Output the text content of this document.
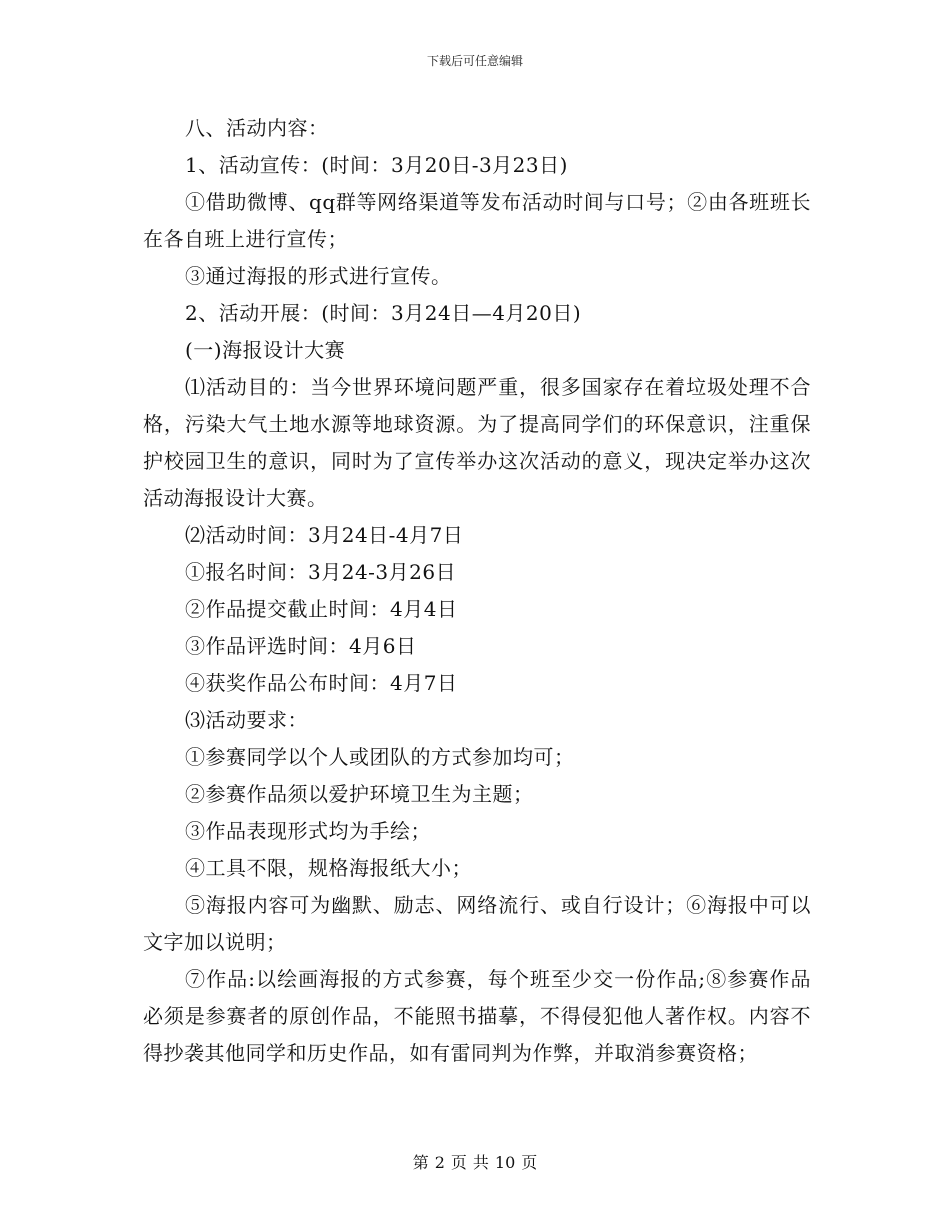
下载后可任意编辑

八、活动内容：

1、活动宣传：(时间：3月20日-3月23日)

①借助微博、qq群等网络渠道等发布活动时间与口号；②由各班班长在各自班上进行宣传；

③通过海报的形式进行宣传。

2、活动开展：(时间：3月24日—4月20日)

(一)海报设计大赛

⑴活动目的：当今世界环境问题严重，很多国家存在着垃圾处理不合格，污染大气土地水源等地球资源。为了提高同学们的环保意识，注重保护校园卫生的意识，同时为了宣传举办这次活动的意义，现决定举办这次活动海报设计大赛。

⑵活动时间：3月24日-4月7日

①报名时间：3月24-3月26日

②作品提交截止时间：4月4日

③作品评选时间：4月6日

④获奖作品公布时间：4月7日

⑶活动要求：

①参赛同学以个人或团队的方式参加均可；

②参赛作品须以爱护环境卫生为主题；

③作品表现形式均为手绘；

④工具不限，规格海报纸大小；

⑤海报内容可为幽默、励志、网络流行、或自行设计；⑥海报中可以文字加以说明；

⑦作品:以绘画海报的方式参赛，每个班至少交一份作品;⑧参赛作品必须是参赛者的原创作品，不能照书描摹，不得侵犯他人著作权。内容不得抄袭其他同学和历史作品，如有雷同判为作弊，并取消参赛资格；

第 2 页 共 10 页
